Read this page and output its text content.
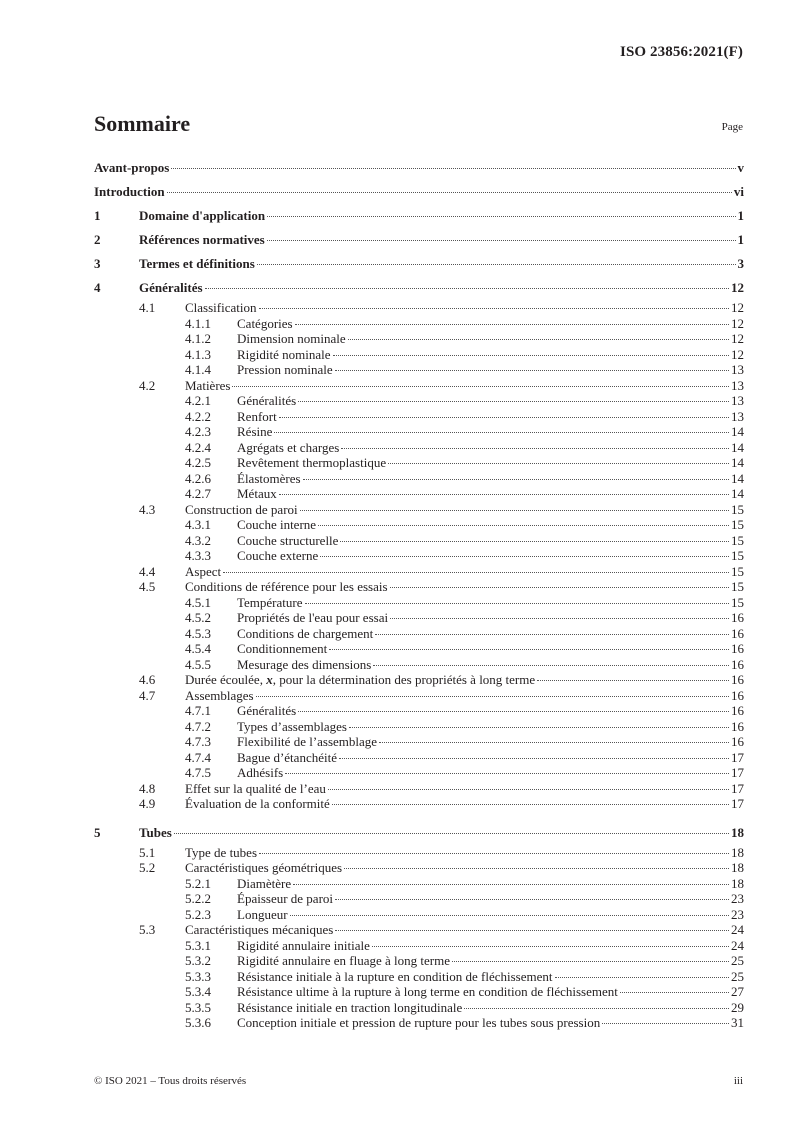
ISO 23856:2021(F)
Sommaire	Page
Avant-propos	v
Introduction	vi
1	Domaine d'application	1
2	Références normatives	1
3	Termes et définitions	3
4	Généralités	12
4.1 Classification	12
4.1.1 Catégories	12
4.1.2 Dimension nominale	12
4.1.3 Rigidité nominale	12
4.1.4 Pression nominale	13
4.2 Matières	13
4.2.1 Généralités	13
4.2.2 Renfort	13
4.2.3 Résine	14
4.2.4 Agrégats et charges	14
4.2.5 Revêtement thermoplastique	14
4.2.6 Élastomères	14
4.2.7 Métaux	14
4.3 Construction de paroi	15
4.3.1 Couche interne	15
4.3.2 Couche structurelle	15
4.3.3 Couche externe	15
4.4 Aspect	15
4.5 Conditions de référence pour les essais	15
4.5.1 Température	15
4.5.2 Propriétés de l'eau pour essai	16
4.5.3 Conditions de chargement	16
4.5.4 Conditionnement	16
4.5.5 Mesurage des dimensions	16
4.6 Durée écoulée, x, pour la détermination des propriétés à long terme	16
4.7 Assemblages	16
4.7.1 Généralités	16
4.7.2 Types d’assemblages	16
4.7.3 Flexibilité de l’assemblage	16
4.7.4 Bague d’étanchéité	17
4.7.5 Adhésifs	17
4.8 Effet sur la qualité de l’eau	17
4.9 Évaluation de la conformité	17
5	Tubes	18
5.1 Type de tubes	18
5.2 Caractéristiques géométriques	18
5.2.1 Diamètère	18
5.2.2 Épaisseur de paroi	23
5.2.3 Longueur	23
5.3 Caractéristiques mécaniques	24
5.3.1 Rigidité annulaire initiale	24
5.3.2 Rigidité annulaire en fluage à long terme	25
5.3.3 Résistance initiale à la rupture en condition de fléchissement	25
5.3.4 Résistance ultime à la rupture à long terme en condition de fléchissement	27
5.3.5 Résistance initiale en traction longitudinale	29
5.3.6 Conception initiale et pression de rupture pour les tubes sous pression	31
© ISO 2021 – Tous droits réservés	iii
